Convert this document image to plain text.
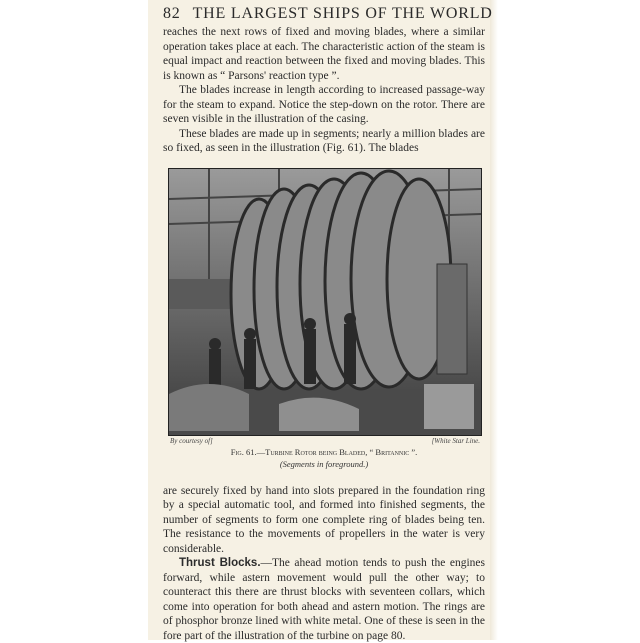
82 THE LARGEST SHIPS OF THE WORLD

reaches the next rows of fixed and moving blades, where a similar operation takes place at each. The characteristic action of the steam is equal impact and reaction between the fixed and moving blades. This is known as “ Parsons' reaction type ”.

The blades increase in length according to increased passage-way for the steam to expand. Notice the step-down on the rotor. There are seven visible in the illustration of the casing.

These blades are made up in segments; nearly a million blades are so fixed, as seen in the illustration (Fig. 61). The blades

By courtesy of]	[White Star Line.
Fig. 61.—Turbine Rotor being Bladed, “ Britannic ”.
(Segments in foreground.)

are securely fixed by hand into slots prepared in the foundation ring by a special automatic tool, and formed into finished segments, the number of segments to form one complete ring of blades being ten. The resistance to the movements of propellers in the water is very considerable.

Thrust Blocks.—The ahead motion tends to push the engines forward, while astern movement would pull the other way; to counteract this there are thrust blocks with seventeen collars, which come into operation for both ahead and astern motion. The rings are of phosphor bronze lined with white metal. One of these is seen in the fore part of the illustration of the turbine on page 80.
